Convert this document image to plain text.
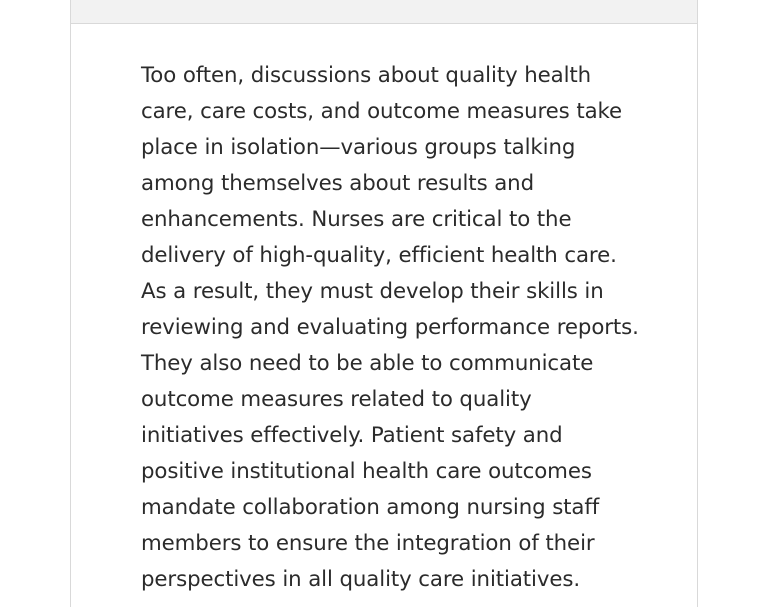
Too often, discussions about quality health
care, care costs, and outcome measures take
place in isolation—various groups talking
among themselves about results and
enhancements. Nurses are critical to the
delivery of high-quality, efficient health care.
As a result, they must develop their skills in
reviewing and evaluating performance reports.
They also need to be able to communicate
outcome measures related to quality
initiatives effectively. Patient safety and
positive institutional health care outcomes
mandate collaboration among nursing staff
members to ensure the integration of their
perspectives in all quality care initiatives.
